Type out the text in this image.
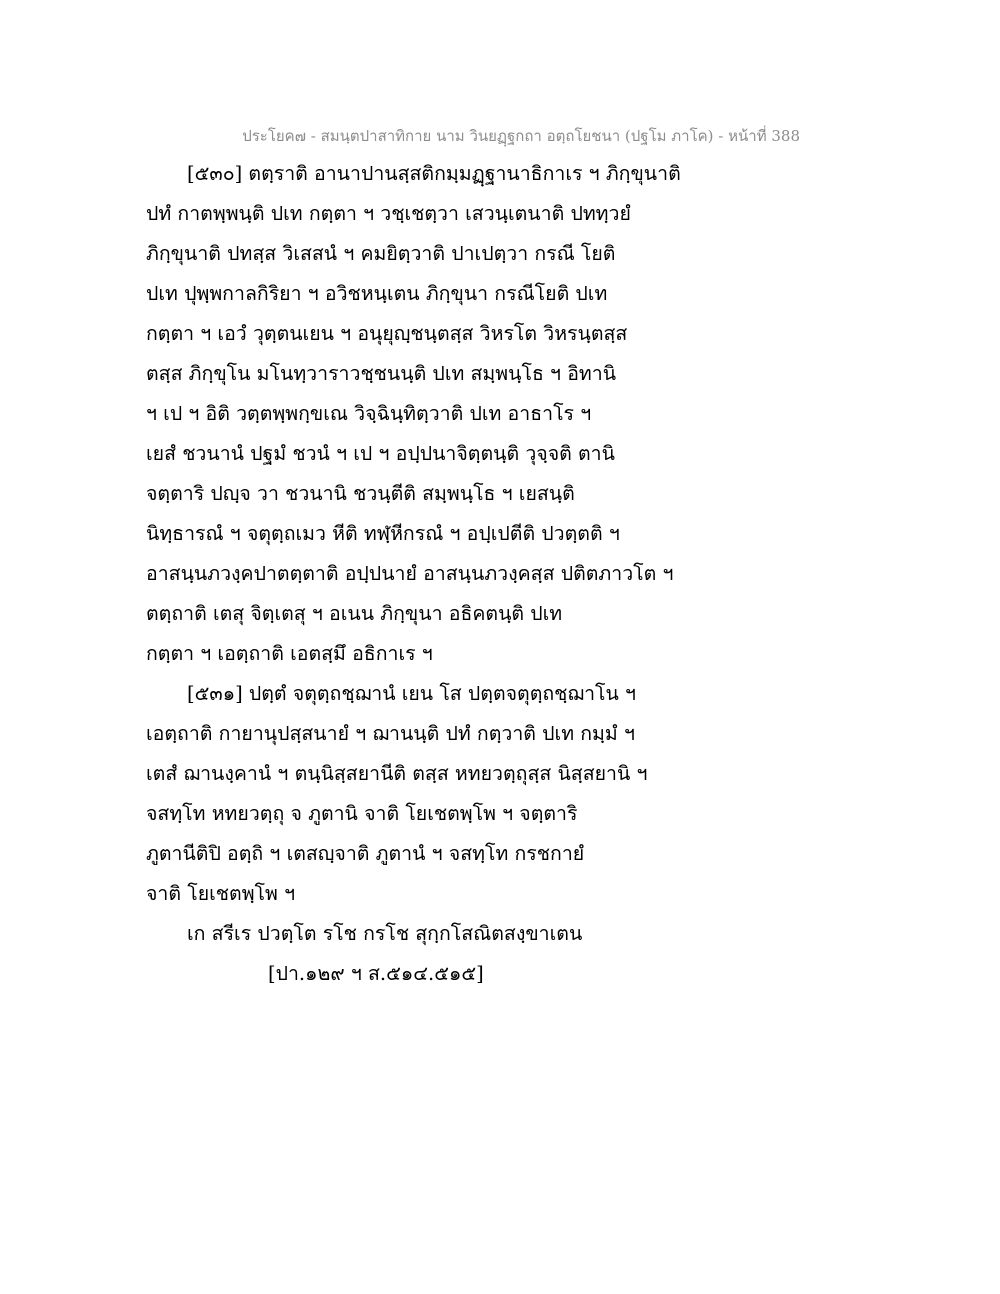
ประโยค๗ - สมนฺตปาสาทิกาย นาม วินยฏฺฐกถา อตฺถโยชนา (ปฐโม ภาโค) - หน้าที่ 388
[๕๓๐] ตตฺราติ อานาปานสฺสติกมฺมฏฺฐานาธิกาเร ฯ ภิกฺขุนาติ
ปทํ กาตพฺพนฺติ ปเท กตฺตา ฯ วชฺเชตฺวา เสวนฺเตนาติ ปททฺวยํ
ภิกฺขุนาติ ปทสฺส วิเสสนํ ฯ คมยิตฺวาติ ปาเปตฺวา กรณี โยติ
ปเท ปุพฺพกาลกิริยา ฯ อวิชหนฺเตน ภิกฺขุนา กรณีโยติ ปเท
กตฺตา ฯ เอวํ วุตฺตนเยน ฯ อนุยุญฺชนฺตสฺส วิหรโต วิหรนฺตสฺส
ตสฺส ภิกฺขุโน มโนทฺวาราวชฺชนนฺติ ปเท สมฺพนฺโธ ฯ อิทานิ
ฯ เป ฯ อิติ วตฺตพฺพกฺขเณ วิจฺฉินฺทิตฺวาติ ปเท อาธาโร ฯ
เยสํ ชวนานํ ปฐมํ ชวนํ ฯ เป ฯ อปฺปนาจิตฺตนฺติ วุจฺจติ ตานิ
จตฺตาริ ปญฺจ วา ชวนานิ ชวนฺตีติ สมฺพนฺโธ ฯ เยสนฺติ
นิทฺธารณํ ฯ จตุตฺถเมว หีติ ทฬฺหีกรณํ ฯ อปฺเปตีติ ปวตฺตติ ฯ
อาสนฺนภวงฺคปาตตฺตาติ อปฺปนายํ อาสนฺนภวงฺคสฺส ปติตภาวโต ฯ
ตตฺถาติ เตสุ จิตฺเตสุ ฯ อเนน ภิกฺขุนา อธิคตนฺติ ปเท
กตฺตา ฯ เอตฺถาติ เอตสฺมึ อธิกาเร ฯ
[๕๓๑] ปตฺตํ จตุตฺถชฺฌานํ เยน โส ปตฺตจตุตฺถชฺฌาโน ฯ
เอตฺถาติ กายานุปสฺสนายํ ฯ ฌานนฺติ ปทํ กตฺวาติ ปเท กมฺมํ ฯ
เตสํ ฌานงฺคานํ ฯ ตนฺนิสฺสยานีติ ตสฺส หทยวตฺถุสฺส นิสฺสยานิ ฯ
จสทฺโท หทยวตฺถุ จ ภูตานิ จาติ โยเชตพฺโพ ฯ จตฺตาริ
ภูตานีติปิ อตฺถิ ฯ เตสญฺจาติ ภูตานํ ฯ จสทฺโท กรชกายํ
จาติ โยเชตพฺโพ ฯ
เก สรีเร ปวตฺโต รโช กรโช สุกฺกโสณิตสงฺขาเตน
[ปา.๑๒๙ ฯ ส.๕๑๔.๕๑๕]
